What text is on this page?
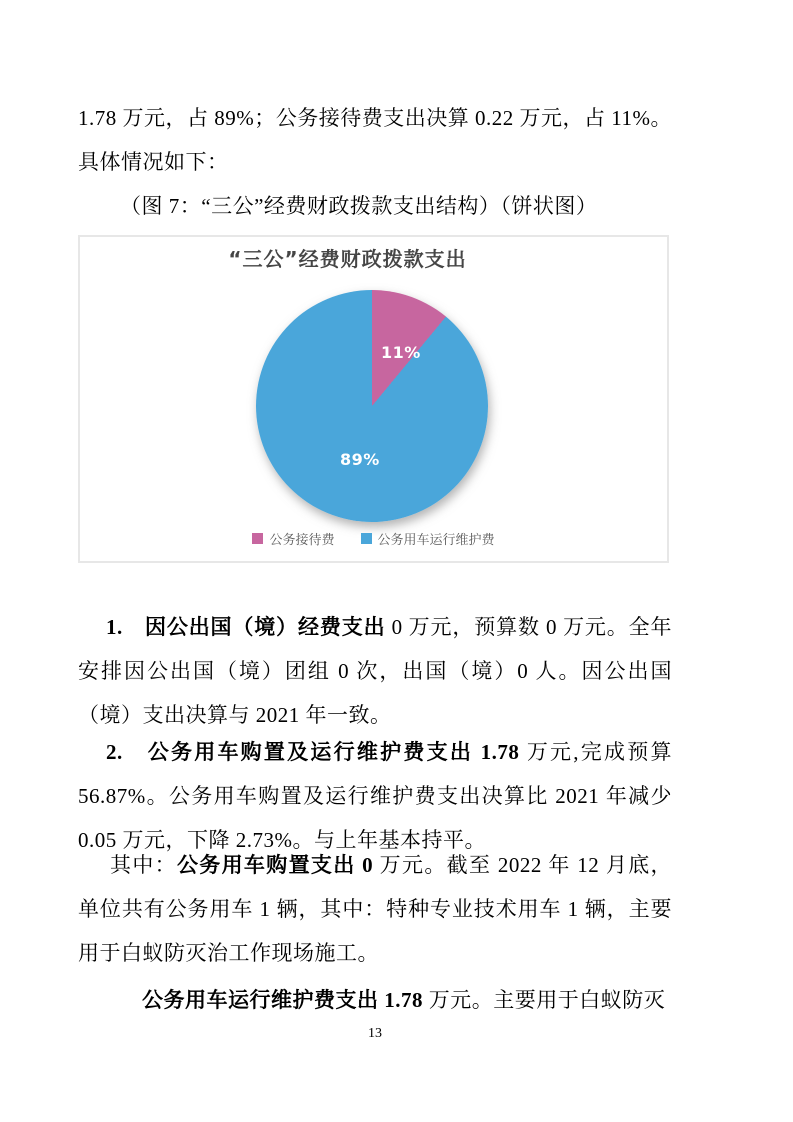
1.78 万元，占 89%；公务接待费支出决算 0.22 万元，占 11%。具体情况如下：

（图 7：“三公”经费财政拨款支出结构）（饼状图）

“三公”经费财政拨款支出
11%
89%
公务接待费	公务用车运行维护费

1.　因公出国（境）经费支出 0 万元，预算数 0 万元。全年安排因公出国（境）团组 0 次，出国（境）0 人。因公出国（境）支出决算与 2021 年一致。

2.　公务用车购置及运行维护费支出 1.78 万元,完成预算 56.87%。公务用车购置及运行维护费支出决算比 2021 年减少 0.05 万元，下降 2.73%。与上年基本持平。

其中：公务用车购置支出 0 万元。截至 2022 年 12 月底，单位共有公务用车 1 辆，其中：特种专业技术用车 1 辆，主要用于白蚁防灭治工作现场施工。

公务用车运行维护费支出 1.78 万元。主要用于白蚁防灭

13
